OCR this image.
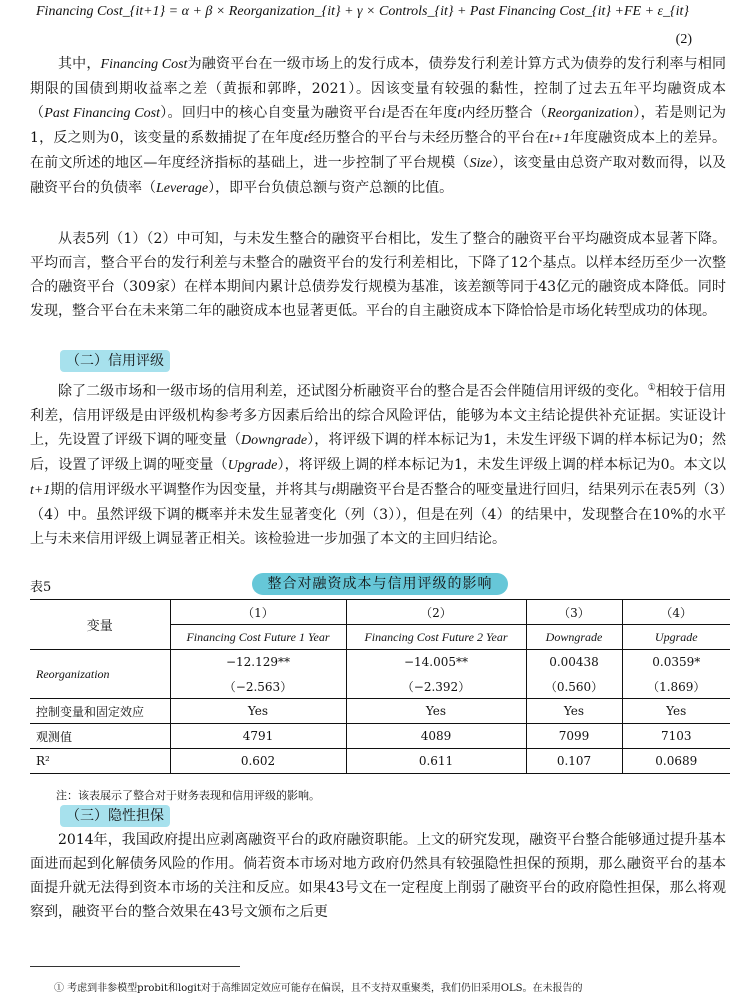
Financing Cost_{it+1} = α + β × Reorganization_{it} + γ × Controls_{it} + Past Financing Cost_{it} +FE + ε_{it}
(2)

其中，Financing Cost为融资平台在一级市场上的发行成本，债券发行利差计算方式为债券的发行利率与相同期限的国债到期收益率之差（黄振和郭晔，2021）。因该变量有较强的黏性，控制了过去五年平均融资成本（Past Financing Cost）。回归中的核心自变量为融资平台i是否在年度t内经历整合（Reorganization），若是则记为1，反之则为0，该变量的系数捕捉了在年度t经历整合的平台与未经历整合的平台在t+1年度融资成本上的差异。在前文所述的地区—年度经济指标的基础上，进一步控制了平台规模（Size），该变量由总资产取对数而得，以及融资平台的负债率（Leverage），即平台负债总额与资产总额的比值。

从表5列（1）（2）中可知，与未发生整合的融资平台相比，发生了整合的融资平台平均融资成本显著下降。平均而言，整合平台的发行利差与未整合的融资平台的发行利差相比，下降了12个基点。以样本经历至少一次整合的融资平台（309家）在样本期间内累计总债券发行规模为基准，该差额等同于43亿元的融资成本降低。同时发现，整合平台在未来第二年的融资成本也显著更低。平台的自主融资成本下降恰恰是市场化转型成功的体现。

（二）信用评级

除了二级市场和一级市场的信用利差，还试图分析融资平台的整合是否会伴随信用评级的变化。①相较于信用利差，信用评级是由评级机构参考多方因素后给出的综合风险评估，能够为本文主结论提供补充证据。实证设计上，先设置了评级下调的哑变量（Downgrade），将评级下调的样本标记为1，未发生评级下调的样本标记为0；然后，设置了评级上调的哑变量（Upgrade），将评级上调的样本标记为1，未发生评级上调的样本标记为0。本文以t+1期的信用评级水平调整作为因变量，并将其与t期融资平台是否整合的哑变量进行回归，结果列示在表5列（3）（4）中。虽然评级下调的概率并未发生显著变化（列（3）），但是在列（4）的结果中，发现整合在10%的水平上与未来信用评级上调显著正相关。该检验进一步加强了本文的主回归结论。

表5	整合对融资成本与信用评级的影响
变量	（1）	（2）	（3）	（4）
	Financing Cost Future 1 Year	Financing Cost Future 2 Year	Downgrade	Upgrade
Reorganization	−12.129**	−14.005**	0.00438	0.0359*
	（−2.563）	（−2.392）	（0.560）	（1.869）
控制变量和固定效应	Yes	Yes	Yes	Yes
观测值	4791	4089	7099	7103
R²	0.602	0.611	0.107	0.0689
注：该表展示了整合对于财务表现和信用评级的影响。
（三）隐性担保

2014年，我国政府提出应剥离融资平台的政府融资职能。上文的研究发现，融资平台整合能够通过提升基本面进而起到化解债务风险的作用。倘若资本市场对地方政府仍然具有较强隐性担保的预期，那么融资平台的基本面提升就无法得到资本市场的关注和反应。如果43号文在一定程度上削弱了融资平台的政府隐性担保，那么将观察到，融资平台的整合效果在43号文颁布之后更

① 考虑到非参模型probit和logit对于高维固定效应可能存在偏误，且不支持双重聚类，我们仍旧采用OLS。在未报告的
